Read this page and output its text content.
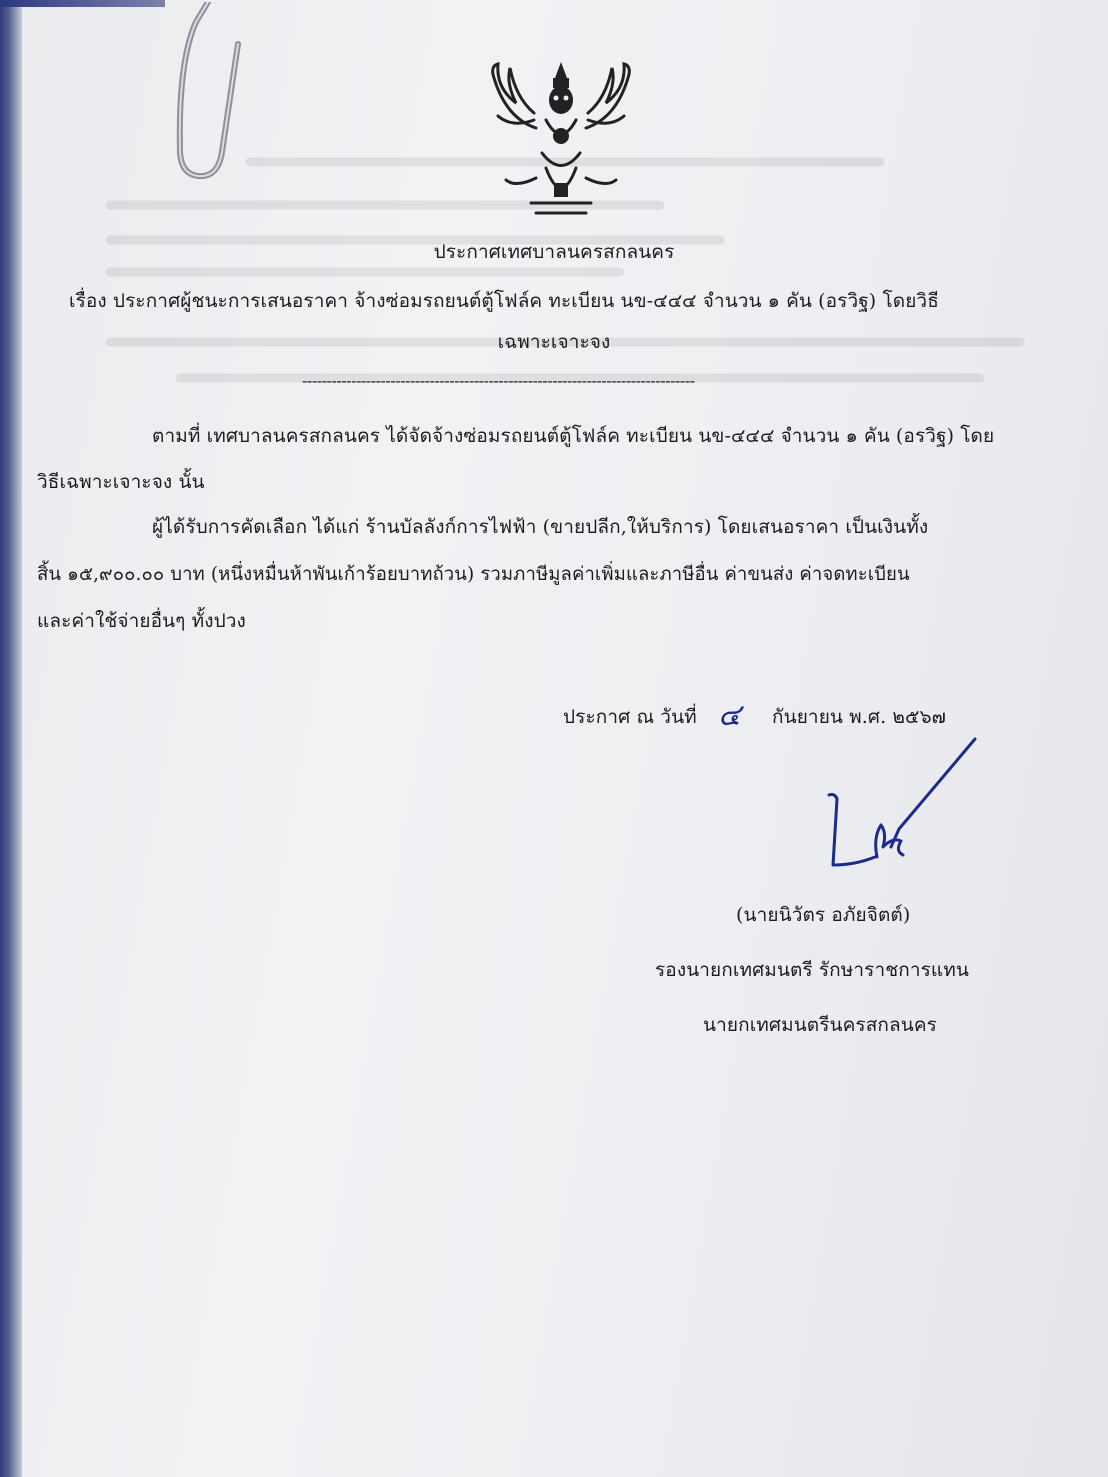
ประกาศเทศบาลนครสกลนคร
เรื่อง ประกาศผู้ชนะการเสนอราคา จ้างซ่อมรถยนต์ตู้โฟล์ค ทะเบียน นข-๔๔๔ จำนวน ๑ คัน (อรวิฐ) โดยวิธี
เฉพาะเจาะจง
--------------------------------------------------------------------------------
ตามที่ เทศบาลนครสกลนคร ได้จัดจ้างซ่อมรถยนต์ตู้โฟล์ค ทะเบียน นข-๔๔๔ จำนวน ๑ คัน (อรวิฐ) โดย
วิธีเฉพาะเจาะจง นั้น
ผู้ได้รับการคัดเลือก ได้แก่ ร้านบัลลังก์การไฟฟ้า (ขายปลีก,ให้บริการ) โดยเสนอราคา เป็นเงินทั้ง
สิ้น ๑๕,๙๐๐.๐๐ บาท (หนึ่งหมื่นห้าพันเก้าร้อยบาทถ้วน) รวมภาษีมูลค่าเพิ่มและภาษีอื่น ค่าขนส่ง ค่าจดทะเบียน
และค่าใช้จ่ายอื่นๆ ทั้งปวง
ประกาศ ณ วันที่ ๔ กันยายน พ.ศ. ๒๕๖๗
(นายนิวัตร อภัยจิตต์)
รองนายกเทศมนตรี รักษาราชการแทน
นายกเทศมนตรีนครสกลนคร
